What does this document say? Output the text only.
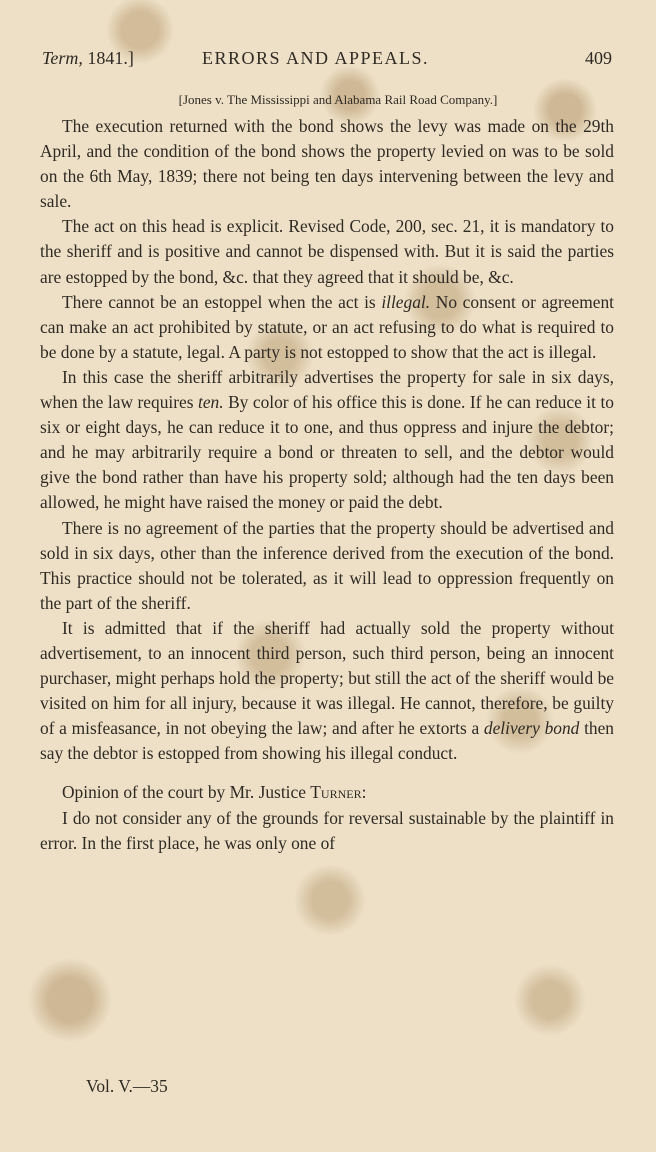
Term, 1841.]	ERRORS AND APPEALS.	409
[Jones v. The Mississippi and Alabama Rail Road Company.]

The execution returned with the bond shows the levy was made on the 29th April, and the condition of the bond shows the property levied on was to be sold on the 6th May, 1839; there not being ten days intervening between the levy and sale.

The act on this head is explicit. Revised Code, 200, sec. 21, it is mandatory to the sheriff and is positive and cannot be dispensed with. But it is said the parties are estopped by the bond, &c. that they agreed that it should be, &c.

There cannot be an estoppel when the act is illegal. No consent or agreement can make an act prohibited by statute, or an act refusing to do what is required to be done by a statute, legal. A party is not estopped to show that the act is illegal.

In this case the sheriff arbitrarily advertises the property for sale in six days, when the law requires ten. By color of his office this is done. If he can reduce it to six or eight days, he can reduce it to one, and thus oppress and injure the debtor; and he may arbitrarily require a bond or threaten to sell, and the debtor would give the bond rather than have his property sold; although had the ten days been allowed, he might have raised the money or paid the debt.

There is no agreement of the parties that the property should be advertised and sold in six days, other than the inference derived from the execution of the bond. This practice should not be tolerated, as it will lead to oppression frequently on the part of the sheriff.

It is admitted that if the sheriff had actually sold the property without advertisement, to an innocent third person, such third person, being an innocent purchaser, might perhaps hold the property; but still the act of the sheriff would be visited on him for all injury, because it was illegal. He cannot, therefore, be guilty of a misfeasance, in not obeying the law; and after he extorts a delivery bond then say the debtor is estopped from showing his illegal conduct.

Opinion of the court by Mr. Justice Turner:

I do not consider any of the grounds for reversal sustainable by the plaintiff in error. In the first place, he was only one of

Vol. V.—35
